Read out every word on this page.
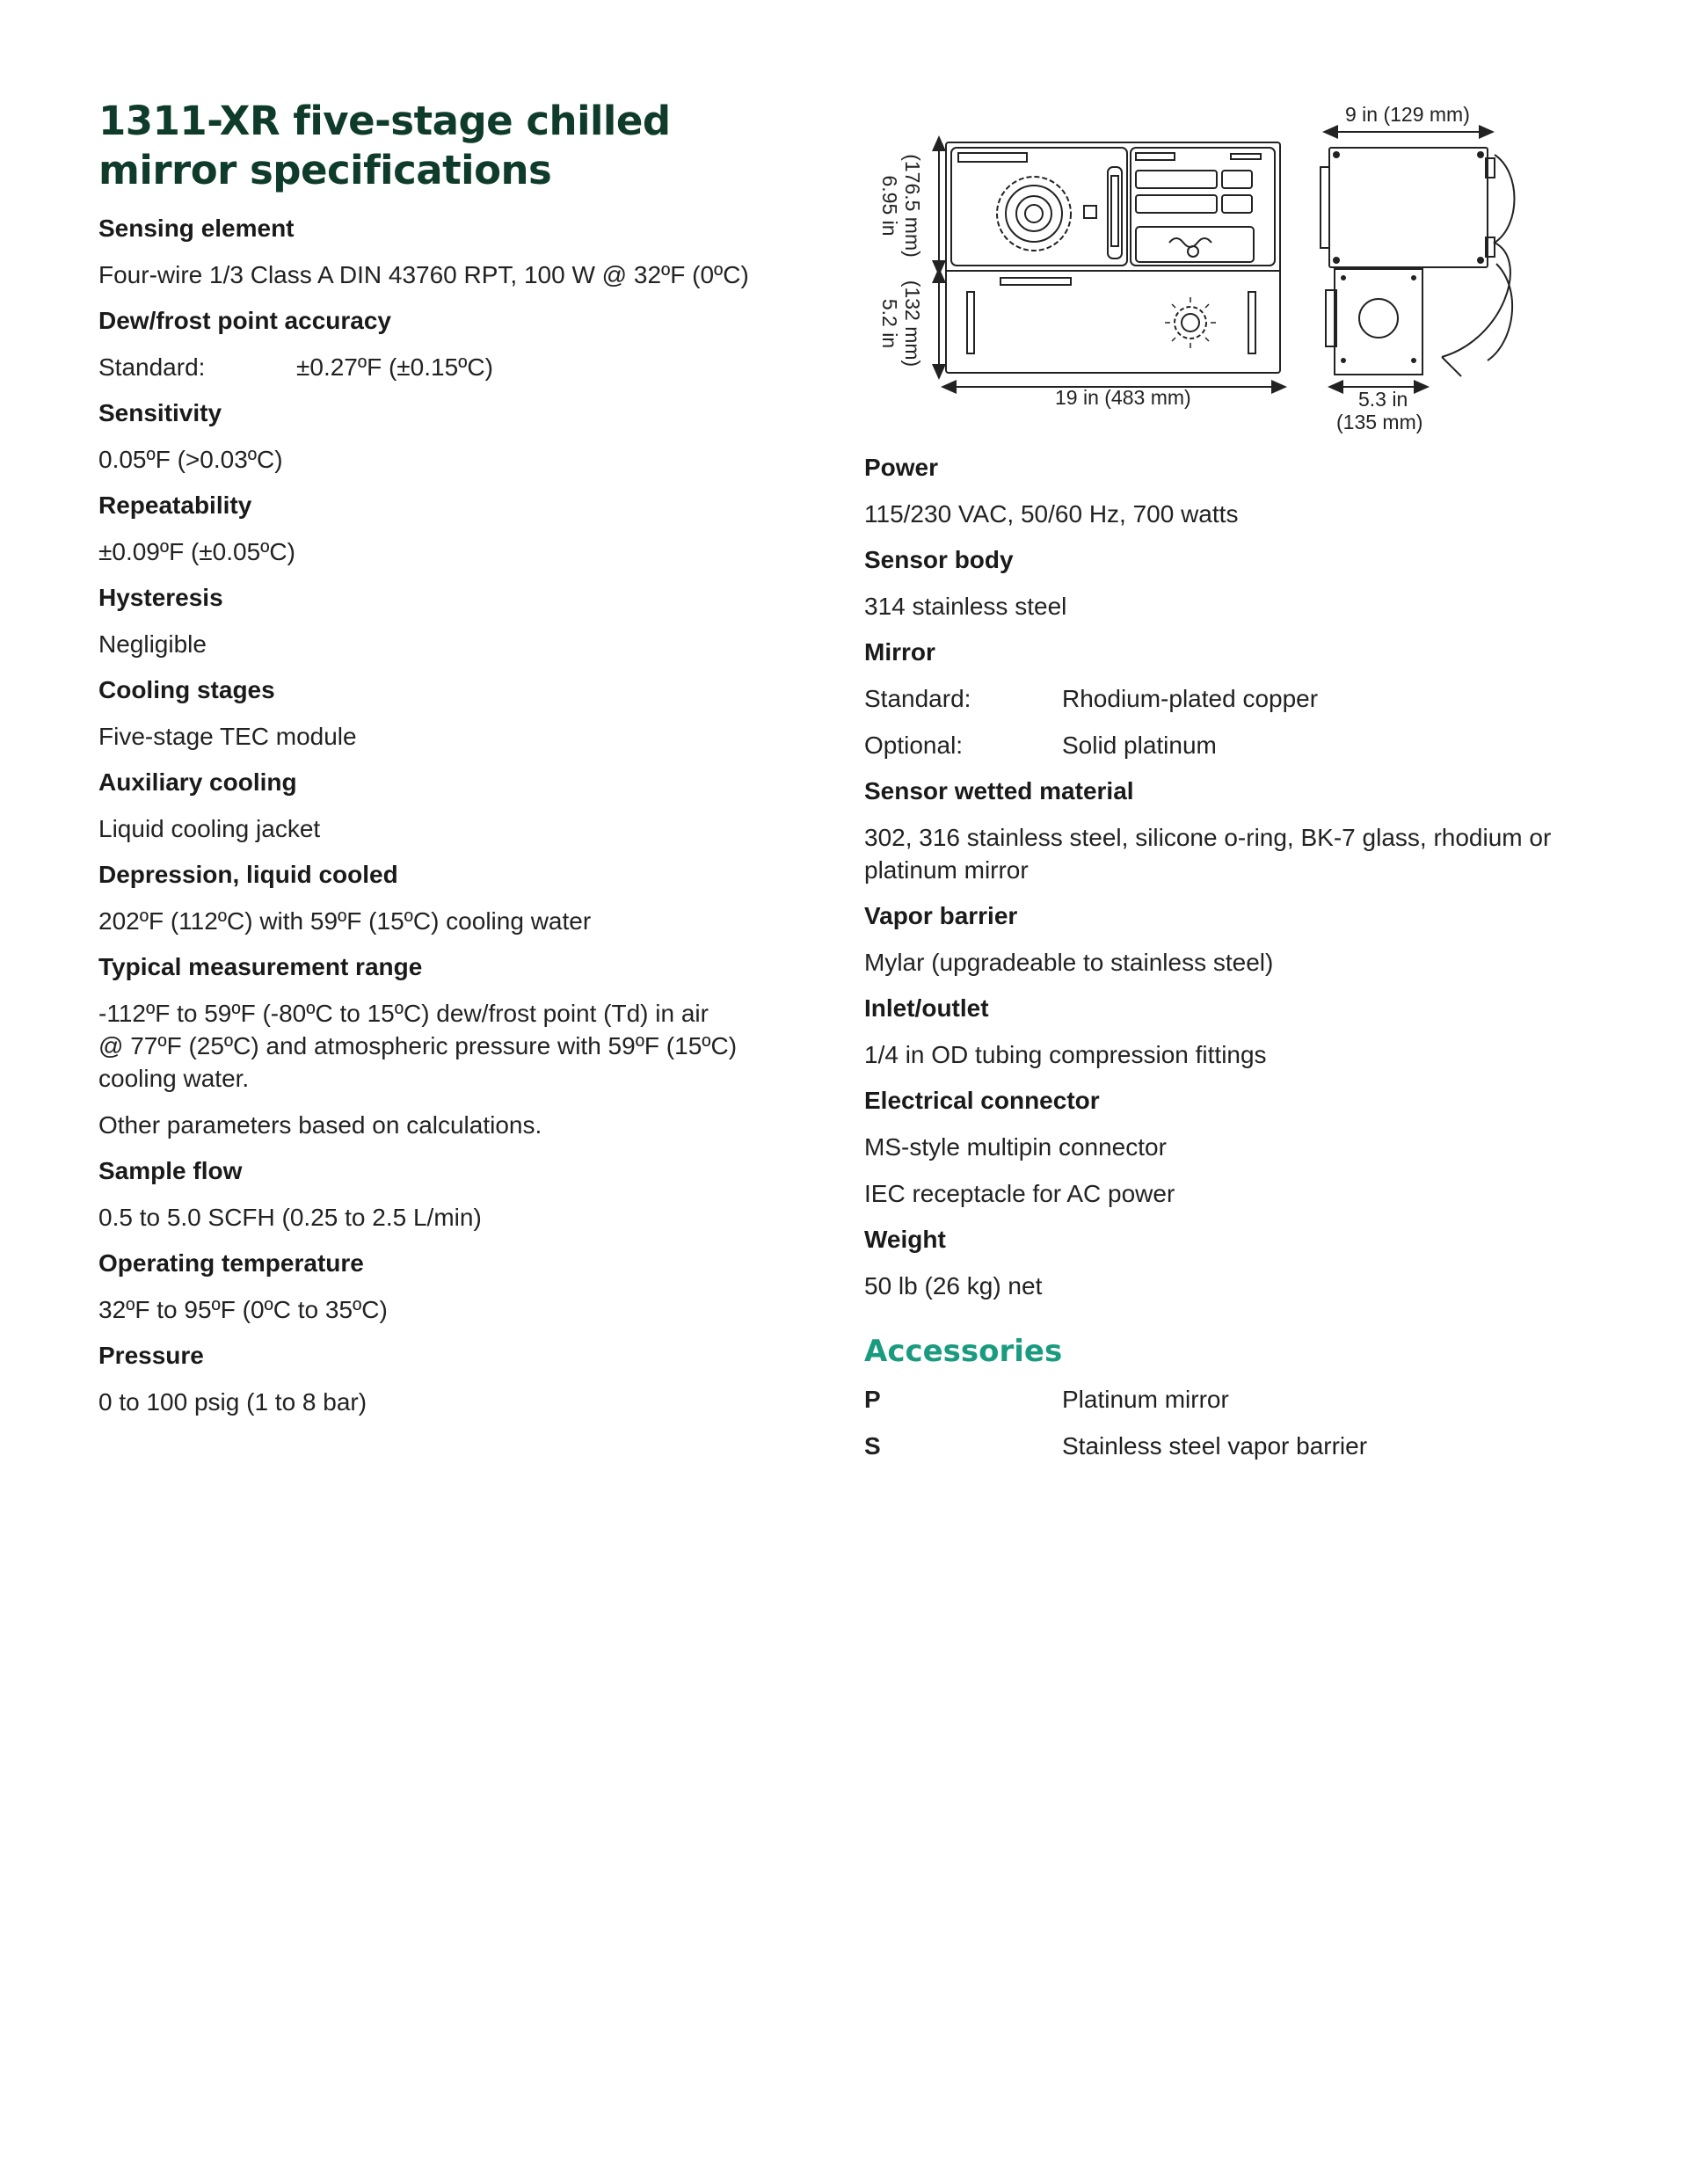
1311-XR five-stage chilled
mirror specifications
Sensing element
Four-wire 1/3 Class A DIN 43760 RPT, 100 W @ 32ºF (0ºC)
Dew/frost point accuracy
Standard:	±0.27ºF (±0.15ºC)
Sensitivity
0.05ºF (>0.03ºC)
Repeatability
±0.09ºF (±0.05ºC)
Hysteresis
Negligible
Cooling stages
Five-stage TEC module
Auxiliary cooling
Liquid cooling jacket
Depression, liquid cooled
202ºF (112ºC) with 59ºF (15ºC) cooling water
Typical measurement range
-112ºF to 59ºF (-80ºC to 15ºC) dew/frost point (Td) in air
@ 77ºF (25ºC) and atmospheric pressure with 59ºF (15ºC)
cooling water.
Other parameters based on calculations.
Sample flow
0.5 to 5.0 SCFH (0.25 to 2.5 L/min)
Operating temperature
32ºF to 95ºF (0ºC to 35ºC)
Pressure
0 to 100 psig (1 to 8 bar)
9 in (129 mm)
19 in (483 mm)	5.3 in
(135 mm)
(176.5 mm)
6.95 in
(132 mm)
5.2 in
Power
115/230 VAC, 50/60 Hz, 700 watts
Sensor body
314 stainless steel
Mirror
Standard:	Rhodium-plated copper
Optional:	Solid platinum
Sensor wetted material
302, 316 stainless steel, silicone o-ring, BK-7 glass, rhodium or
platinum mirror
Vapor barrier
Mylar (upgradeable to stainless steel)
Inlet/outlet
1/4 in OD tubing compression fittings
Electrical connector
MS-style multipin connector
IEC receptacle for AC power
Weight
50 lb (26 kg) net
Accessories
P	Platinum mirror
S	Stainless steel vapor barrier
